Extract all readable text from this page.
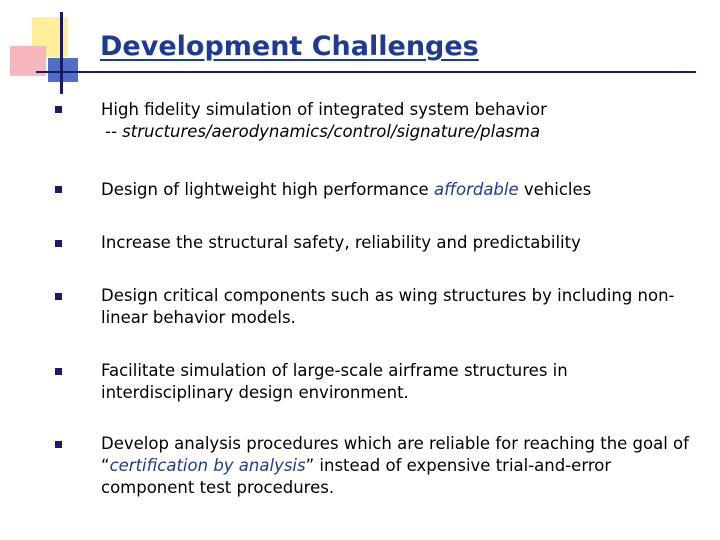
Development Challenges
High fidelity simulation of integrated system behavior
-- structures/aerodynamics/control/signature/plasma
Design of lightweight high performance affordable vehicles
Increase the structural safety, reliability and predictability
Design critical components such as wing structures by including non-linear behavior models.
Facilitate simulation of large-scale airframe structures in interdisciplinary design environment.
Develop analysis procedures which are reliable for reaching the goal of “certification by analysis” instead of expensive trial-and-error component test procedures.
